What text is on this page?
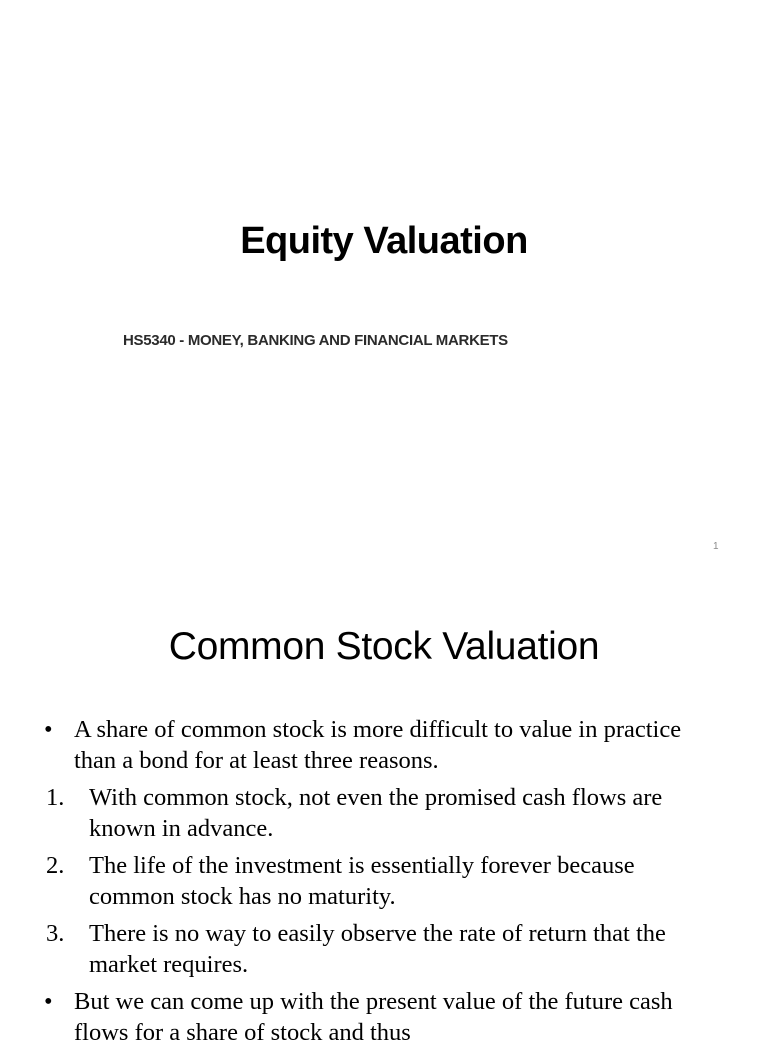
Equity Valuation
HS5340 - MONEY, BANKING AND FINANCIAL MARKETS
1
Common Stock Valuation
• A share of common stock is more difficult to value in practice than a bond for at least three reasons.
1. With common stock, not even the promised cash flows are known in advance.
2. The life of the investment is essentially forever because common stock has no maturity.
3. There is no way to easily observe the rate of return that the market requires.
• But we can come up with the present value of the future cash flows for a share of stock and thus
